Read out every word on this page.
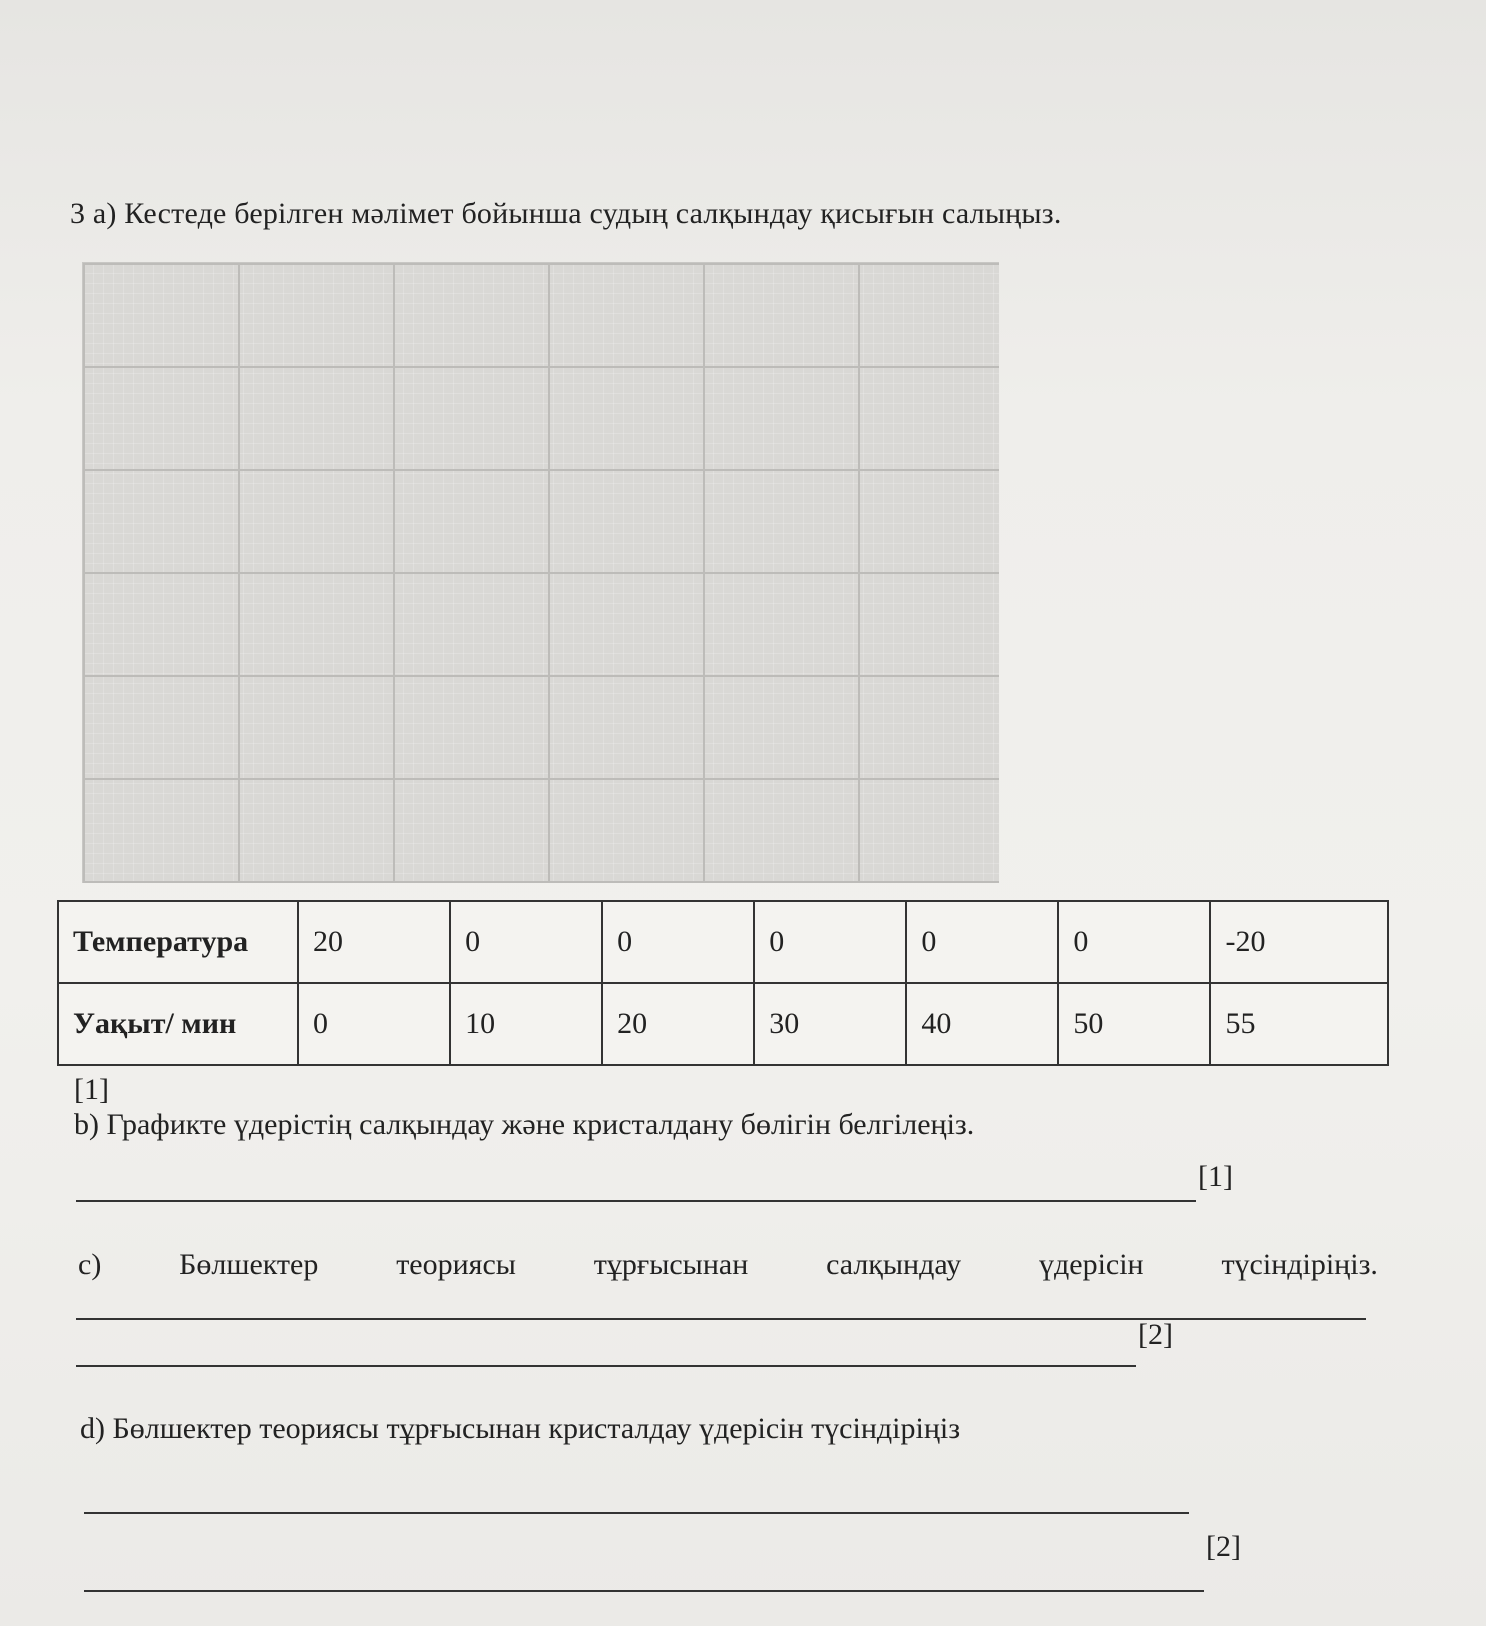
3 a) Кестеде берілген мәлімет бойынша судың салқындау қисығын салыңыз.
Температура	20	0	0	0	0	0	-20
Уақыт/ мин	0	10	20	30	40	50	55
[1]
b) Графикте үдерістің салқындау және кристалдану бөлігін белгілеңіз.
[1]
c)	Бөлшектер	теориясы	тұрғысынан	салқындау	үдерісін	түсіндіріңіз.
[2]
d) Бөлшектер теориясы тұрғысынан кристалдау үдерісін түсіндіріңіз
[2]
